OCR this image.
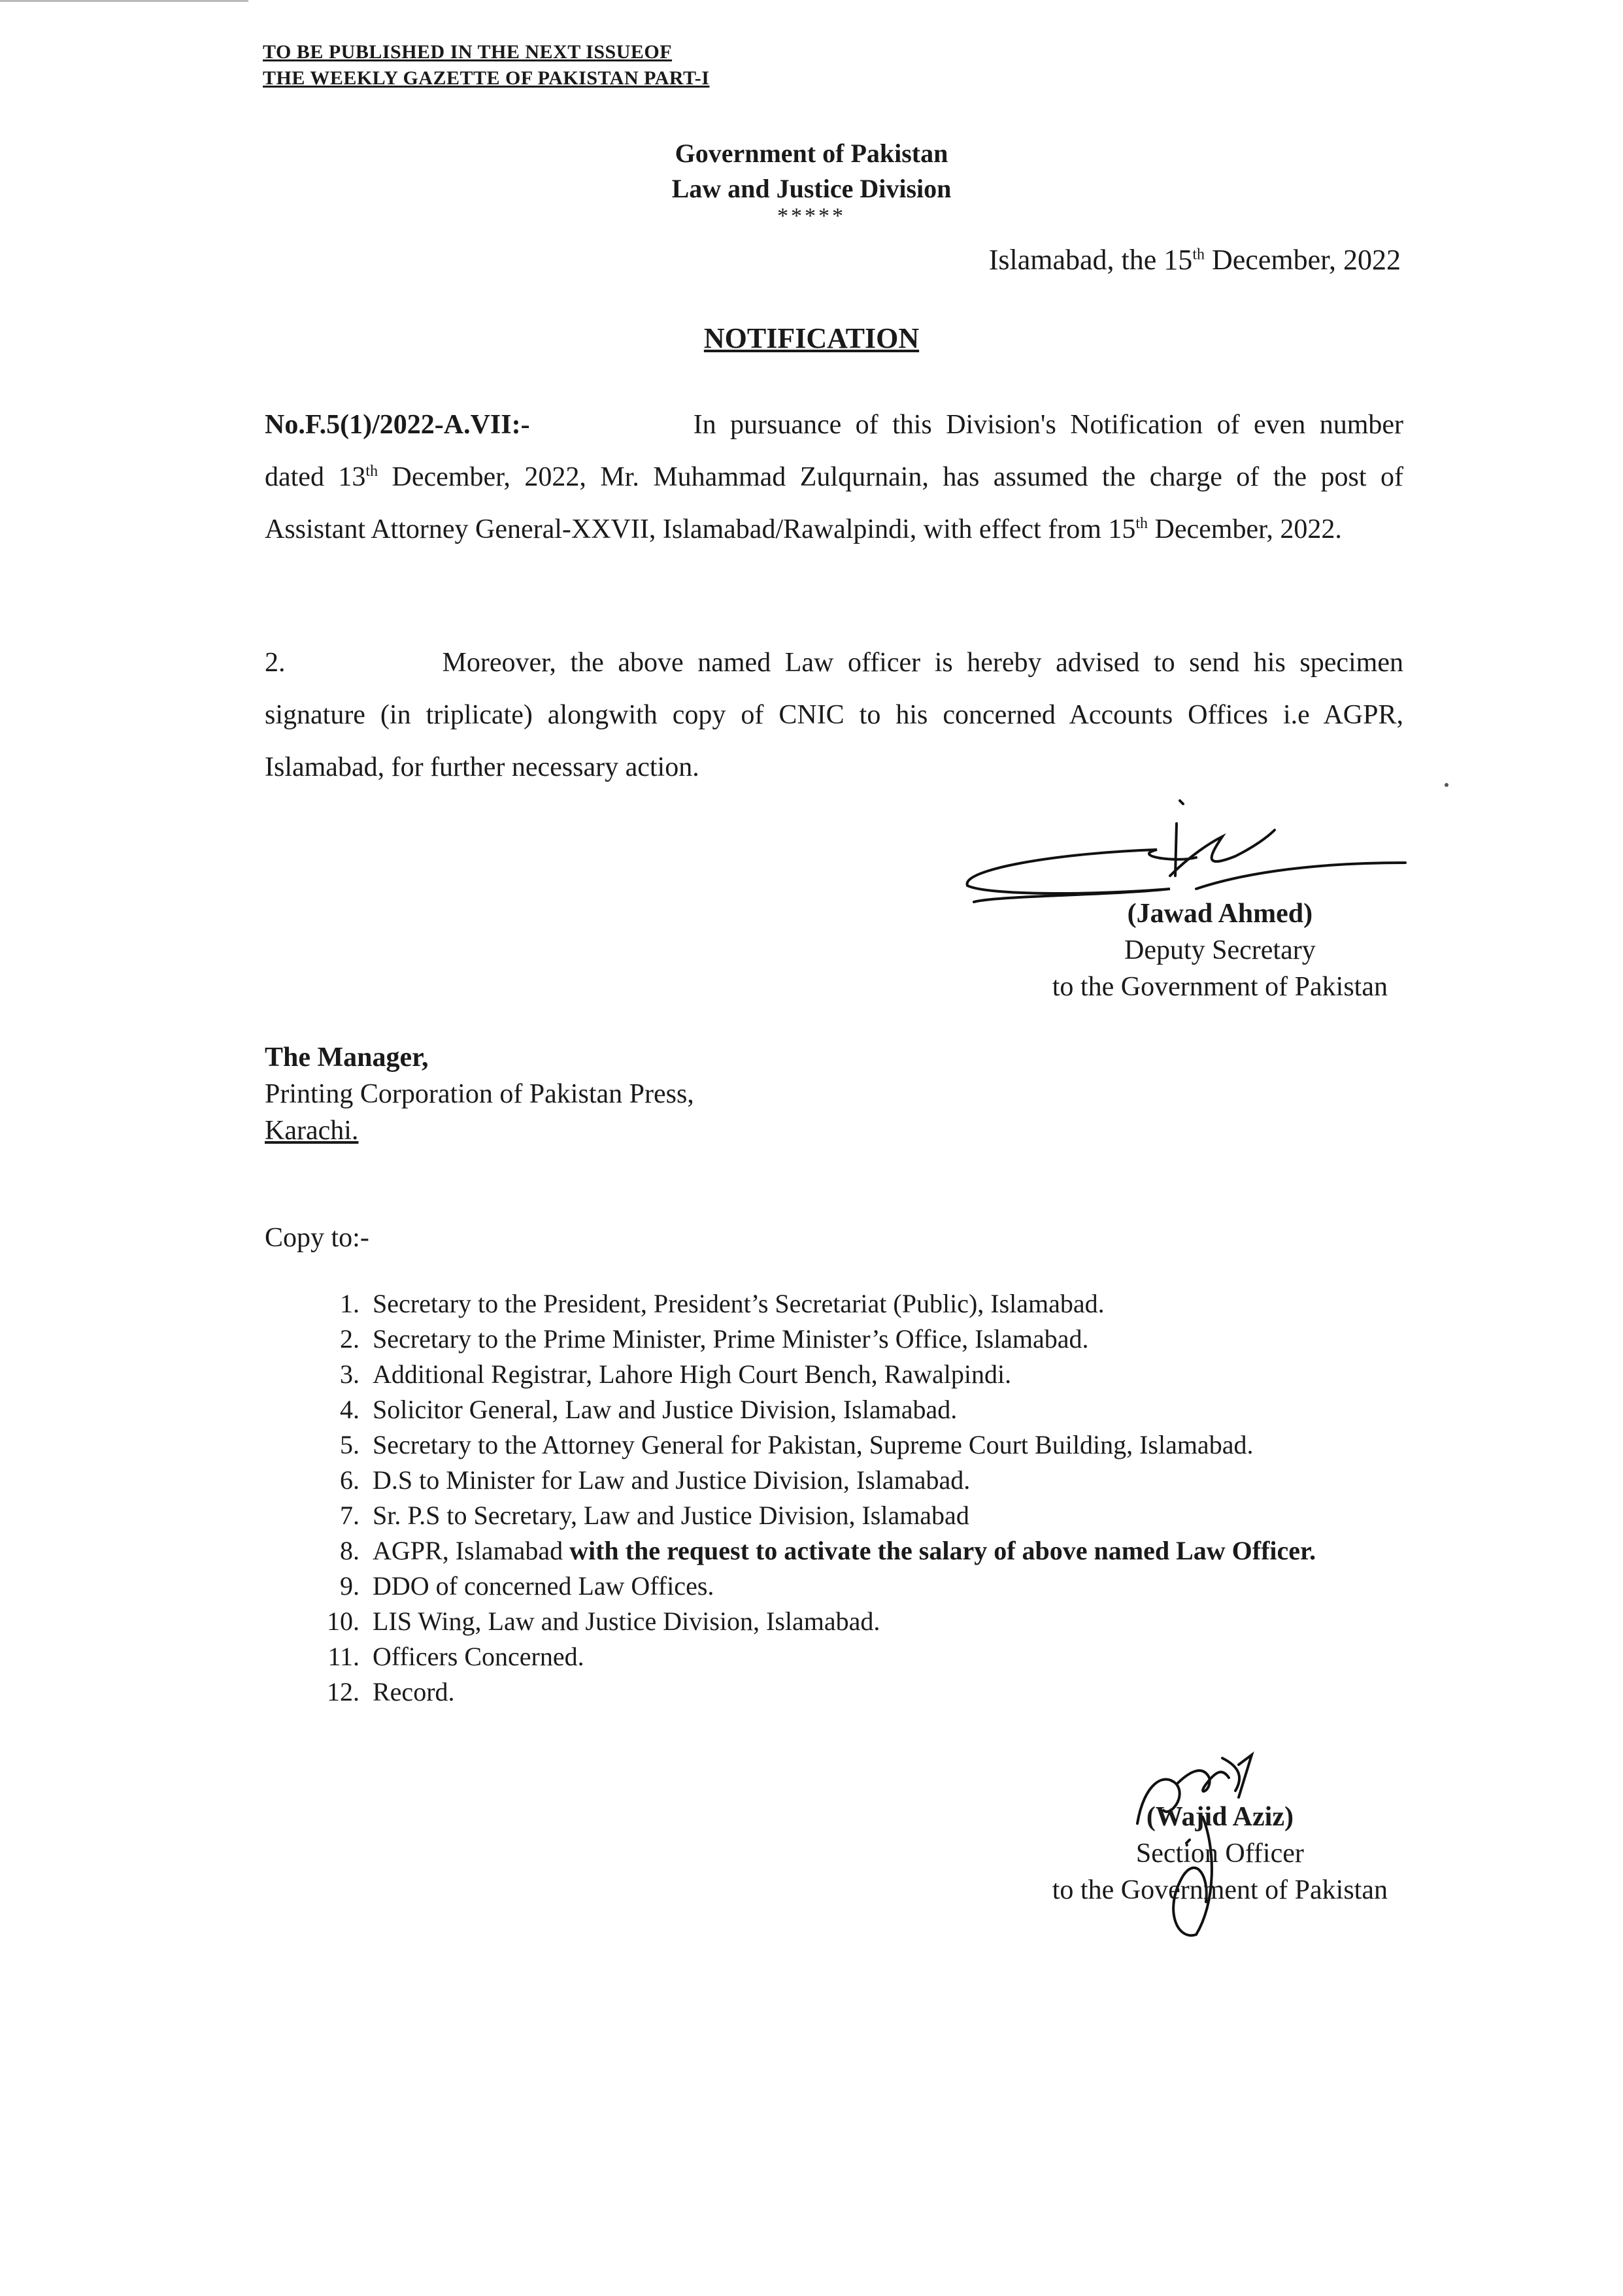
TO BE PUBLISHED IN THE NEXT ISSUEOF
THE WEEKLY GAZETTE OF PAKISTAN PART-I
Government of Pakistan
Law and Justice Division
*****
Islamabad, the 15th December, 2022
NOTIFICATION
No.F.5(1)/2022-A.VII:-	In pursuance of this Division's Notification of even number dated 13th December, 2022, Mr. Muhammad Zulqurnain, has assumed the charge of the post of Assistant Attorney General-XXVII, Islamabad/Rawalpindi, with effect from 15th December, 2022.
2.	Moreover, the above named Law officer is hereby advised to send his specimen signature (in triplicate) alongwith copy of CNIC to his concerned Accounts Offices i.e AGPR, Islamabad, for further necessary action.
(Jawad Ahmed)
Deputy Secretary
to the Government of Pakistan
The Manager,
Printing Corporation of Pakistan Press,
Karachi.
Copy to:-
1. Secretary to the President, President’s Secretariat (Public), Islamabad.
2. Secretary to the Prime Minister, Prime Minister’s Office, Islamabad.
3. Additional Registrar, Lahore High Court Bench, Rawalpindi.
4. Solicitor General, Law and Justice Division, Islamabad.
5. Secretary to the Attorney General for Pakistan, Supreme Court Building, Islamabad.
6. D.S to Minister for Law and Justice Division, Islamabad.
7. Sr. P.S to Secretary, Law and Justice Division, Islamabad
8. AGPR, Islamabad with the request to activate the salary of above named Law Officer.
9. DDO of concerned Law Offices.
10. LIS Wing, Law and Justice Division, Islamabad.
11. Officers Concerned.
12. Record.
(Wajid Aziz)
Section Officer
to the Government of Pakistan
